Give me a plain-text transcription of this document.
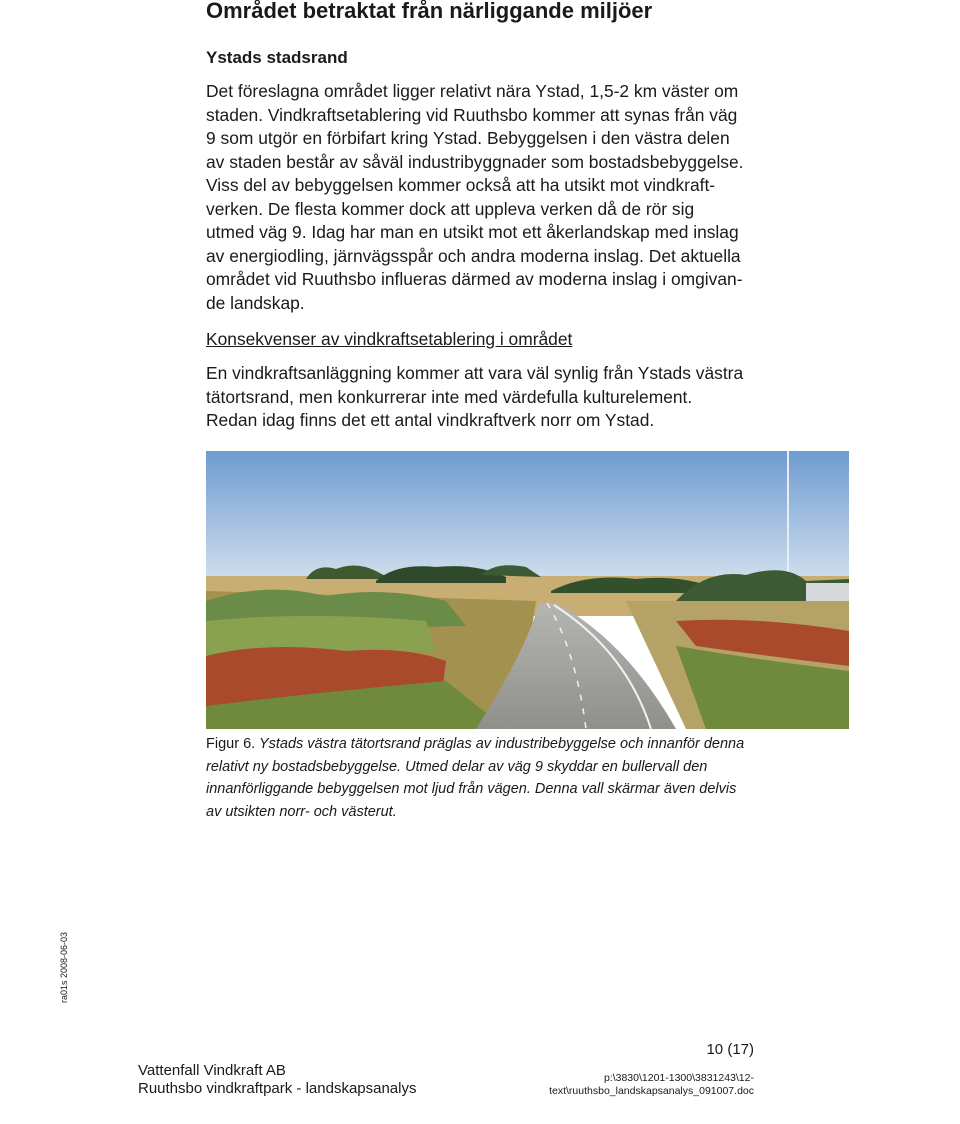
Området betraktat från närliggande miljöer
Ystads stadsrand
Det föreslagna området ligger relativt nära Ystad, 1,5-2 km väster om
staden. Vindkraftsetablering vid Ruuthsbo kommer att synas från väg
9 som utgör en förbifart kring Ystad. Bebyggelsen i den västra delen
av staden består av såväl industribyggnader som bostadsbebyggelse.
Viss del av bebyggelsen kommer också att ha utsikt mot vindkraft-
verken. De flesta kommer dock att uppleva verken då de rör sig
utmed väg 9. Idag har man en utsikt mot ett åkerlandskap med inslag
av energiodling, järnvägsspår och andra moderna inslag. Det aktuella
området vid Ruuthsbo influeras därmed av moderna inslag i omgivan-
de landskap.
Konsekvenser av vindkraftsetablering i området
En vindkraftsanläggning kommer att vara väl synlig från Ystads västra
tätortsrand, men konkurrerar inte med värdefulla kulturelement.
Redan idag finns det ett antal vindkraftverk norr om Ystad.
Figur 6. Ystads västra tätortsrand präglas av industribebyggelse och innanför denna

relativt ny bostadsbebyggelse. Utmed delar av väg 9 skyddar en bullervall den
innanförliggande bebyggelsen mot ljud från vägen. Denna vall skärmar även delvis
av utsikten norr- och västerut.
ra01s 2008-06-03
10 (17)
Vattenfall Vindkraft AB
Ruuthsbo vindkraftpark - landskapsanalys
p:\3830\1201-1300\3831243\12-
text\ruuthsbo_landskapsanalys_091007.doc
